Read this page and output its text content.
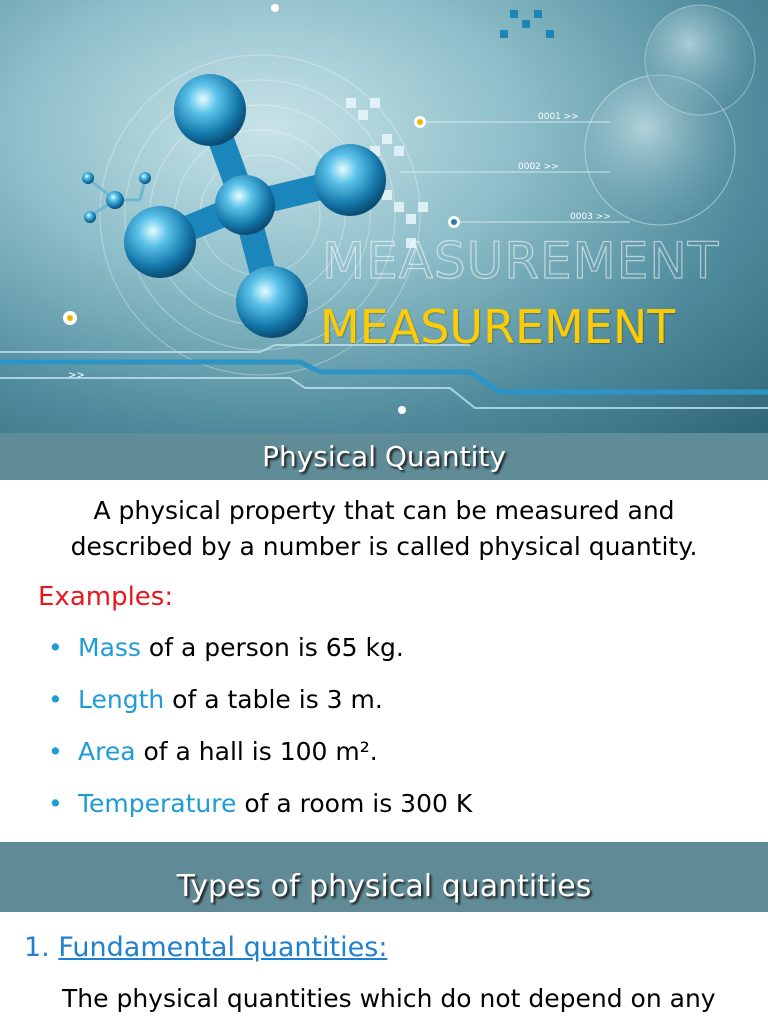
0001 >>
0002 >>
0003 >>
>>
MEASUREMENT
MEASUREMENT
Physical Quantity
A physical property that can be measured and
described by a number is called physical quantity.
Examples:
• Mass of a person is 65 kg.
• Length of a table is 3 m.
• Area of a hall is 100 m².
• Temperature of a room is 300 K
Types of physical quantities
1. Fundamental quantities:
The physical quantities which do not depend on any
